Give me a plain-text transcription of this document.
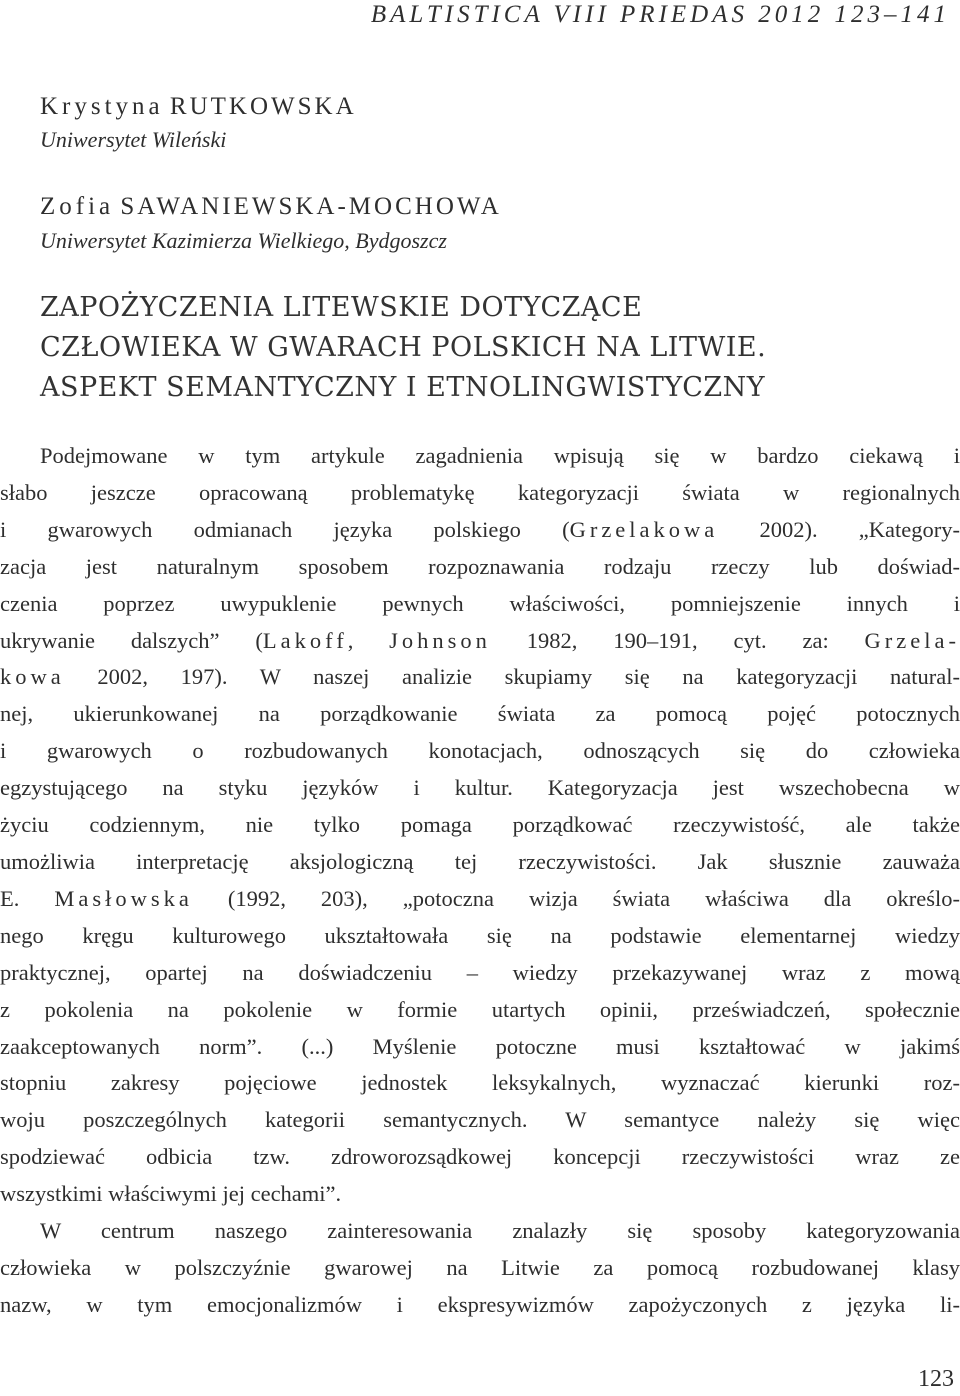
BALTISTICA VIII PRIEDAS 2012 123–141
Krystyna RUTKOWSKA
Uniwersytet Wileński
Zofia SAWANIEWSKA-MOCHOWA
Uniwersytet Kazimierza Wielkiego, Bydgoszcz
ZAPOŻYCZENIA LITEWSKIE DOTYCZĄCE
CZŁOWIEKA W GWARACH POLSKICH NA LITWIE.
ASPEKT SEMANTYCZNY I ETNOLINGWISTYCZNY
Podejmowane w tym artykule zagadnienia wpisują się w bardzo ciekawą i
słabo jeszcze opracowaną problematykę kategoryzacji świata w regionalnych
i gwarowych odmianach języka polskiego (Grzelakowa 2002). „Kategory-
zacja jest naturalnym sposobem rozpoznawania rodzaju rzeczy lub doświad-
czenia poprzez uwypuklenie pewnych właściwości, pomniejszenie innych i
ukrywanie dalszych” (Lakoff, Johnson 1982, 190–191, cyt. za: Grzela-
kowa 2002, 197). W naszej analizie skupiamy się na kategoryzacji natural-
nej, ukierunkowanej na porządkowanie świata za pomocą pojęć potocznych
i gwarowych o rozbudowanych konotacjach, odnoszących się do człowieka
egzystującego na styku języków i kultur. Kategoryzacja jest wszechobecna w
życiu codziennym, nie tylko pomaga porządkować rzeczywistość, ale także
umożliwia interpretację aksjologiczną tej rzeczywistości. Jak słusznie zauważa
E. Masłowska (1992, 203), „potoczna wizja świata właściwa dla określo-
nego kręgu kulturowego ukształtowała się na podstawie elementarnej wiedzy
praktycznej, opartej na doświadczeniu – wiedzy przekazywanej wraz z mową
z pokolenia na pokolenie w formie utartych opinii, przeświadczeń, społecznie
zaakceptowanych norm”. (...) Myślenie potoczne musi kształtować w jakimś
stopniu zakresy pojęciowe jednostek leksykalnych, wyznaczać kierunki roz-
woju poszczególnych kategorii semantycznych. W semantyce należy się więc
spodziewać odbicia tzw. zdroworozsądkowej koncepcji rzeczywistości wraz ze
wszystkimi właściwymi jej cechami”.
W centrum naszego zainteresowania znalazły się sposoby kategoryzowania
człowieka w polszczyźnie gwarowej na Litwie za pomocą rozbudowanej klasy
nazw, w tym emocjonalizmów i ekspresywizmów zapożyczonych z języka li-
123
